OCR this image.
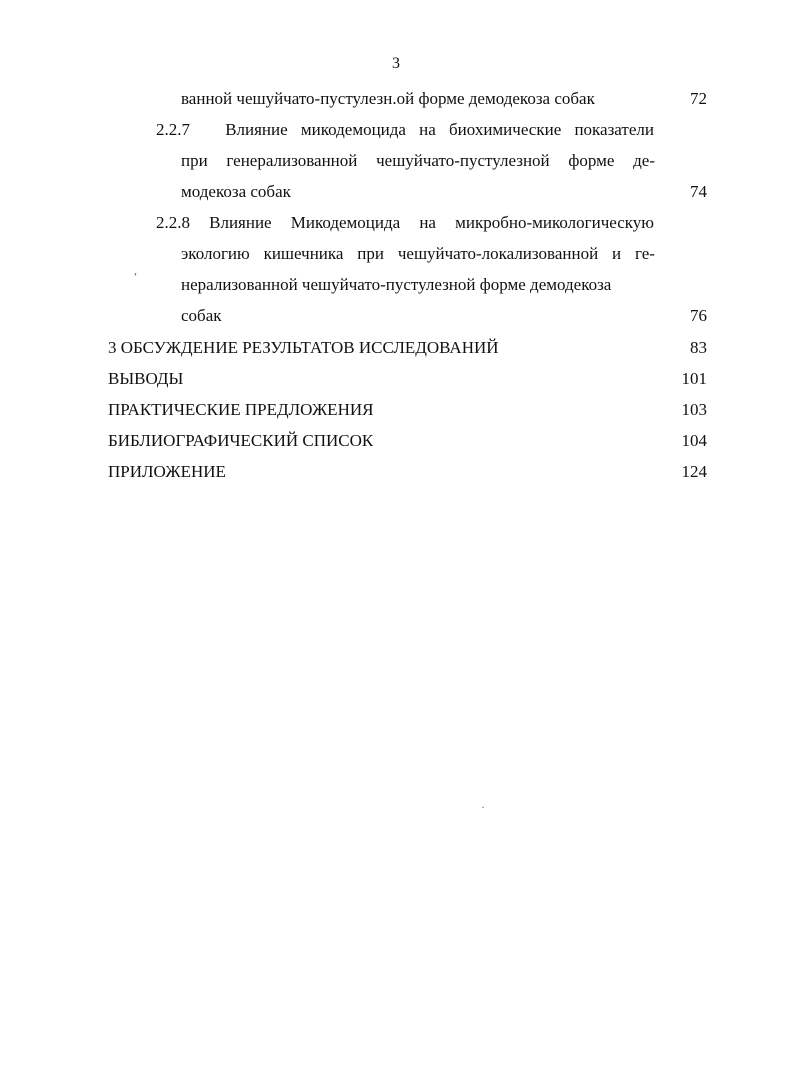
3
ванной чешуйчато-пустулезн.ой форме демодекоза собак	72
2.2.7 Влияние микодемоцида на биохимические показатели
при генерализованной чешуйчато-пустулезной форме де-
модекоза собак	74
2.2.8 Влияние Микодемоцида на микробно-микологическую
экологию кишечника при чешуйчато-локализованной и ге-
нерализованной чешуйчато-пустулезной форме демодекоза
собак	76
3 ОБСУЖДЕНИЕ РЕЗУЛЬТАТОВ ИССЛЕДОВАНИЙ	83
ВЫВОДЫ	101
ПРАКТИЧЕСКИЕ ПРЕДЛОЖЕНИЯ	103
БИБЛИОГРАФИЧЕСКИЙ СПИСОК	104
ПРИЛОЖЕНИЕ	124
,
·
